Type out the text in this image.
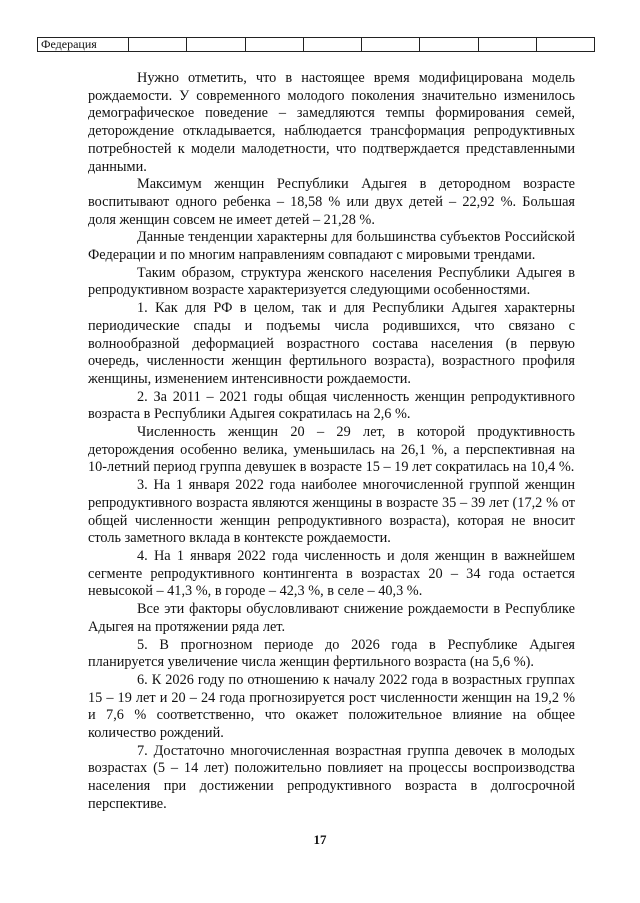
Федерация								

Нужно отметить, что в настоящее время модифицирована модель рождаемости. У современного молодого поколения значительно изменилось демографическое поведение – замедляются темпы формирования семей, деторождение откладывается, наблюдается трансформация репродуктивных потребностей к модели малодетности, что подтверждается представленными данными.

Максимум женщин Республики Адыгея в детородном возрасте воспитывают одного ребенка – 18,58 % или двух детей – 22,92 %. Большая доля женщин совсем не имеет детей – 21,28 %.

Данные тенденции характерны для большинства субъектов Российской Федерации и по многим направлениям совпадают с мировыми трендами.

Таким образом, структура женского населения Республики Адыгея в репродуктивном возрасте характеризуется следующими особенностями.

1. Как для РФ в целом, так и для Республики Адыгея характерны периодические спады и подъемы числа родившихся, что связано с волнообразной деформацией возрастного состава населения (в первую очередь, численности женщин фертильного возраста), возрастного профиля женщины, изменением интенсивности рождаемости.

2. За 2011 – 2021 годы общая численность женщин репродуктивного возраста в Республики Адыгея сократилась на 2,6 %.

Численность женщин 20 – 29 лет, в которой продуктивность деторождения особенно велика, уменьшилась на 26,1 %, а перспективная на 10-летний период группа девушек в возрасте 15 – 19 лет сократилась на 10,4 %.

3. На 1 января 2022 года наиболее многочисленной группой женщин репродуктивного возраста являются женщины в возрасте 35 – 39 лет (17,2 % от общей численности женщин репродуктивного возраста), которая не вносит столь заметного вклада в контексте рождаемости.

4. На 1 января 2022 года численность и доля женщин в важнейшем сегменте репродуктивного контингента в возрастах 20 – 34 года остается невысокой – 41,3 %, в городе – 42,3 %, в селе – 40,3 %.

Все эти факторы обусловливают снижение рождаемости в Республике Адыгея на протяжении ряда лет.

5. В прогнозном периоде до 2026 года в Республике Адыгея планируется увеличение числа женщин фертильного возраста (на 5,6 %).

6. К 2026 году по отношению к началу 2022 года в возрастных группах 15 – 19 лет и 20 – 24 года прогнозируется рост численности женщин на 19,2 % и 7,6 % соответственно, что окажет положительное влияние на общее количество рождений.

7. Достаточно многочисленная возрастная группа девочек в молодых возрастах (5 – 14 лет) положительно повлияет на процессы воспроизводства населения при достижении репродуктивного возраста в долгосрочной перспективе.

17
